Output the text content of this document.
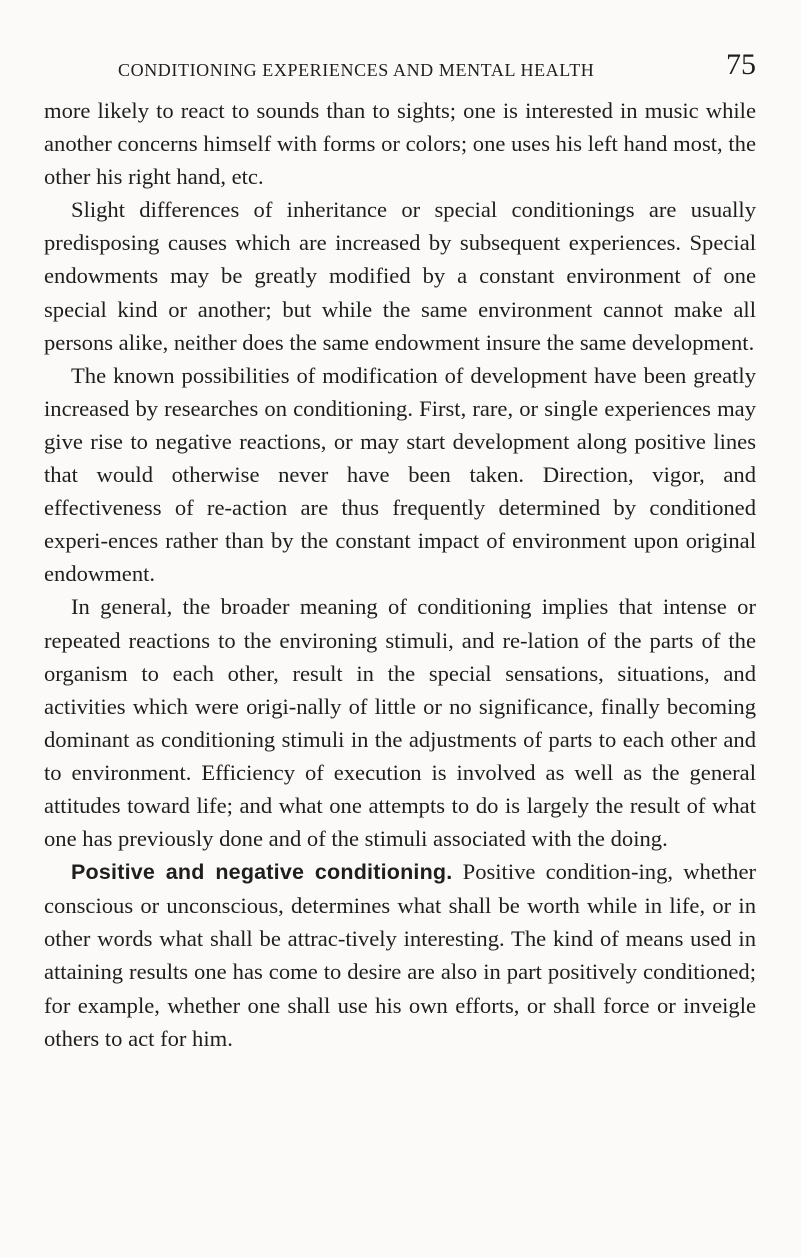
CONDITIONING EXPERIENCES AND MENTAL HEALTH	75

more likely to react to sounds than to sights; one is interested in music while another concerns himself with forms or colors; one uses his left hand most, the other his right hand, etc.

Slight differences of inheritance or special conditionings are usually predisposing causes which are increased by subsequent experiences. Special endowments may be greatly modified by a constant environment of one special kind or another; but while the same environment cannot make all persons alike, neither does the same endowment insure the same development.

The known possibilities of modification of development have been greatly increased by researches on conditioning. First, rare, or single experiences may give rise to negative reactions, or may start development along positive lines that would otherwise never have been taken. Direction, vigor, and effectiveness of re-action are thus frequently determined by conditioned experi-ences rather than by the constant impact of environment upon original endowment.

In general, the broader meaning of conditioning implies that intense or repeated reactions to the environing stimuli, and re-lation of the parts of the organism to each other, result in the special sensations, situations, and activities which were origi-nally of little or no significance, finally becoming dominant as conditioning stimuli in the adjustments of parts to each other and to environment. Efficiency of execution is involved as well as the general attitudes toward life; and what one attempts to do is largely the result of what one has previously done and of the stimuli associated with the doing.

Positive and negative conditioning. Positive condition-ing, whether conscious or unconscious, determines what shall be worth while in life, or in other words what shall be attrac-tively interesting. The kind of means used in attaining results one has come to desire are also in part positively conditioned; for example, whether one shall use his own efforts, or shall force or inveigle others to act for him.
